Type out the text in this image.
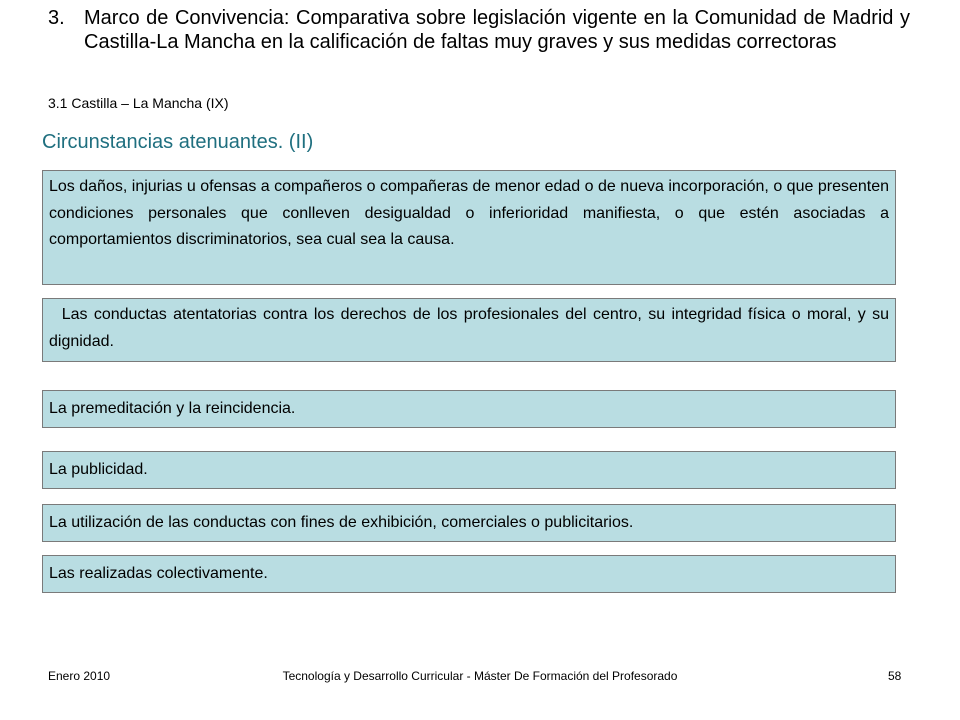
3. Marco de Convivencia: Comparativa sobre legislación vigente en la Comunidad de Madrid y Castilla-La Mancha en la calificación de faltas muy graves y sus medidas correctoras
3.1 Castilla – La Mancha (IX)
Circunstancias atenuantes. (II)
Los daños, injurias u ofensas a compañeros o compañeras de menor edad o de nueva incorporación, o que presenten condiciones personales que conlleven desigualdad o inferioridad manifiesta, o que estén asociadas a comportamientos discriminatorios, sea cual sea la causa.
Las conductas atentatorias contra los derechos de los profesionales del centro, su integridad física o moral, y su dignidad.
La premeditación y la reincidencia.
La publicidad.
La utilización de las conductas con fines de exhibición, comerciales o publicitarios.
Las realizadas colectivamente.
Enero 2010	Tecnología y Desarrollo Curricular - Máster De Formación del Profesorado	58
